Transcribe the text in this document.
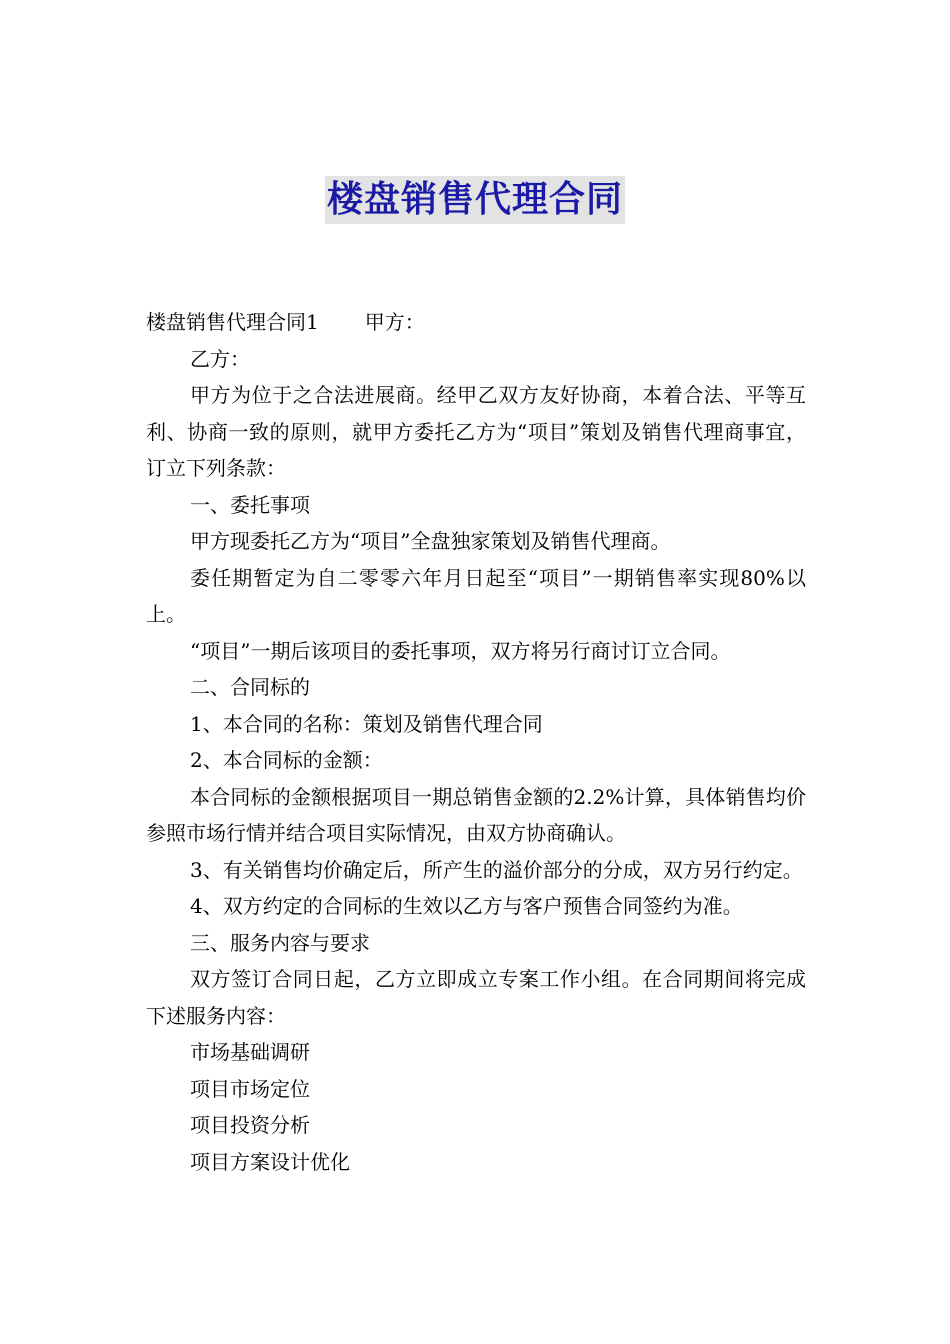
楼盘销售代理合同

楼盘销售代理合同1 甲方：

乙方：

甲方为位于之合法进展商。经甲乙双方友好协商，本着合法、平等互利、协商一致的原则，就甲方委托乙方为“项目”策划及销售代理商事宜，订立下列条款：

一、委托事项

甲方现委托乙方为“项目”全盘独家策划及销售代理商。

委任期暂定为自二零零六年月日起至“项目”一期销售率实现80%以上。

“项目”一期后该项目的委托事项，双方将另行商讨订立合同。

二、合同标的

1、本合同的名称：策划及销售代理合同

2、本合同标的金额：

本合同标的金额根据项目一期总销售金额的2.2%计算，具体销售均价参照市场行情并结合项目实际情况，由双方协商确认。

3、有关销售均价确定后，所产生的溢价部分的分成，双方另行约定。

4、双方约定的合同标的生效以乙方与客户预售合同签约为准。

三、服务内容与要求

双方签订合同日起，乙方立即成立专案工作小组。在合同期间将完成下述服务内容：

市场基础调研

项目市场定位

项目投资分析

项目方案设计优化
